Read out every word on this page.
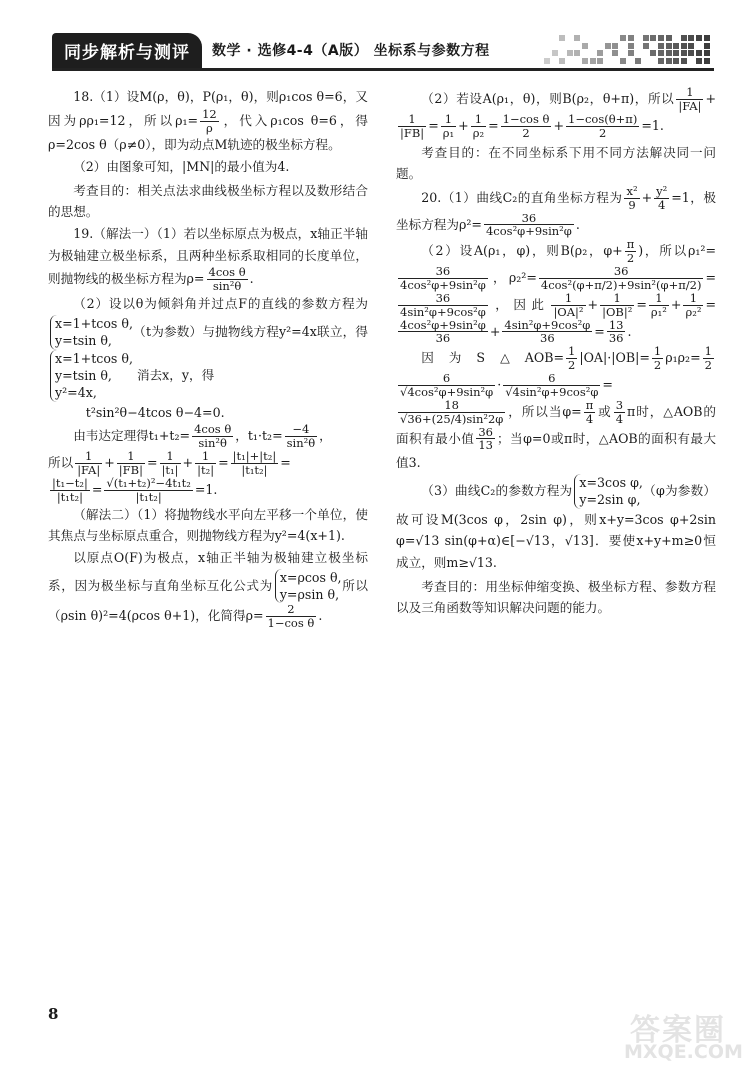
同步解析与测评	数学 · 选修4-4（A版） 坐标系与参数方程

18.（1）设M(ρ，θ)，P(ρ₁，θ)，则ρ₁cos θ=6，又因为ρρ₁=12，所以$\rho_1= \frac{12}{\rho}$ ，代入ρ₁cos θ=6，得ρ=2cos θ（ρ≠0），即为动点M轨迹的极坐标方程。

（2）由图象可知，|MN|的最小值为4.

考查目的：相关点法求曲线极坐标方程以及数形结合的思想。

19.（解法一）（1）若以坐标原点为极点，x轴正半轴为极轴建立极坐标系，且两种坐标系取相同的长度单位，则抛物线的极坐标方程为$\rho= \frac{\text{4cos θ}}{\text{sin²θ}}$ .

（2）设以θ为倾斜角并过点F的直线的参数方程为
x=1+tcos θ,
y=tsin θ,
（t为参数）与抛物线方程y²=4x联立，得
x=1+tcos θ,
y=tsin θ,
y²=4x,
消去x，y，得
t²sin²θ−4tcos θ−4=0.

由韦达定理得$t_1+t_2= \frac{\text{4cos θ}}{\text{sin²θ}}$ ，$t_1\cdot t_2= \frac{-4}{\text{sin²θ}}$ ，

所以 $\frac{1}{|FA|} + \frac{1}{|FB|} = \frac{1}{\text{|t₁|}} + \frac{1}{\text{|t₂|}} = \frac{\text{|t₁|+|t₂|}}{\text{|t₁t₂|}}$ =

$\frac{\text{|t₁−t₂|}}{\text{|t₁t₂|}} = \frac{\text{√(t₁+t₂)²−4t₁t₂}}{\text{|t₁t₂|}} =1$.

（解法二）（1）将抛物线水平向左平移一个单位，使其焦点与坐标原点重合，则抛物线方程为y²=4(x+1).

以原点O(F)为极点，x轴正半轴为极轴建立极坐标系，因为极坐标与直角坐标互化公式为
x=ρcos θ,
y=ρsin θ,
所以（ρsin θ)²=4(ρcos θ+1)，化简得$\rho= \frac{2}{\text{1−cos θ}}$ .

（2）若设A(ρ₁，θ)，则B(ρ₂，θ+π)，所以 $\frac{1}{|FA|}$ +
$\frac{1}{|FB|} = \frac{1}{\text{ρ₁}} + \frac{1}{\text{ρ₂}} = \frac{\text{1−cos θ}}{2} + \frac{1-\cos(\theta+\pi)}{2} =1$.

考查目的：在不同坐标系下用不同方法解决同一问题。

20.（1）曲线C₂的直角坐标方程为 $\frac{\text{x²}}{9} + \frac{\text{y²}}{4} =1$，极坐标方程为$\rho^2= \frac{36}{\text{4cos²φ+9sin²φ}}$ .

（2）设A(ρ₁，φ)，则B(ρ₂，$\varphi+ \frac{\pi}{2}$ )，所以ρ₁²=
$\frac{36}{\text{4cos²φ+9sin²φ}}$ ，$\rho_2^2= \frac{36}{\text{4cos²(φ+π/2)+9sin²(φ+π/2)}}$ =
$\frac{36}{\text{4sin²φ+9cos²φ}}$ ，因此 $\frac{1}{\text{|OA|²}} + \frac{1}{\text{|OB|²}} = \frac{1}{\text{ρ₁²}} + \frac{1}{\text{ρ₂²}}$ =
$\frac{\text{4cos²φ+9sin²φ}}{36} + \frac{\text{4sin²φ+9cos²φ}}{36} = \frac{13}{36}$ .

因为S△AOB= $\frac{1}{2} |OA|\cdot|OB|= \frac{1}{2} \rho_1\rho_2= \frac{1}{2}$
$\frac{6}{\text{√4cos²φ+9sin²φ}} \cdot \frac{6}{\text{√4sin²φ+9cos²φ}}$ =
$\frac{18}{\text{√36+(25/4)sin²2φ}}$ ，所以当$\varphi= \frac{\pi}{4}$ 或 $\frac{3}{4}$ π时，△AOB的面积有最小值 $\frac{36}{13}$ ；当φ=0或π时，△AOB的面积有最大值3.

（3）曲线C₂的参数方程为
x=3cos φ,
y=2sin φ,
（φ为参数）故可设M(3cos φ，2sin φ)，则x+y=3cos φ+2sin φ=√13 sin(φ+α)∈[−√13，√13]．要使x+y+m≥0恒成立，则m≥√13.

考查目的：用坐标伸缩变换、极坐标方程、参数方程以及三角函数等知识解决问题的能力。

8	答案圈
MXQE.COM
